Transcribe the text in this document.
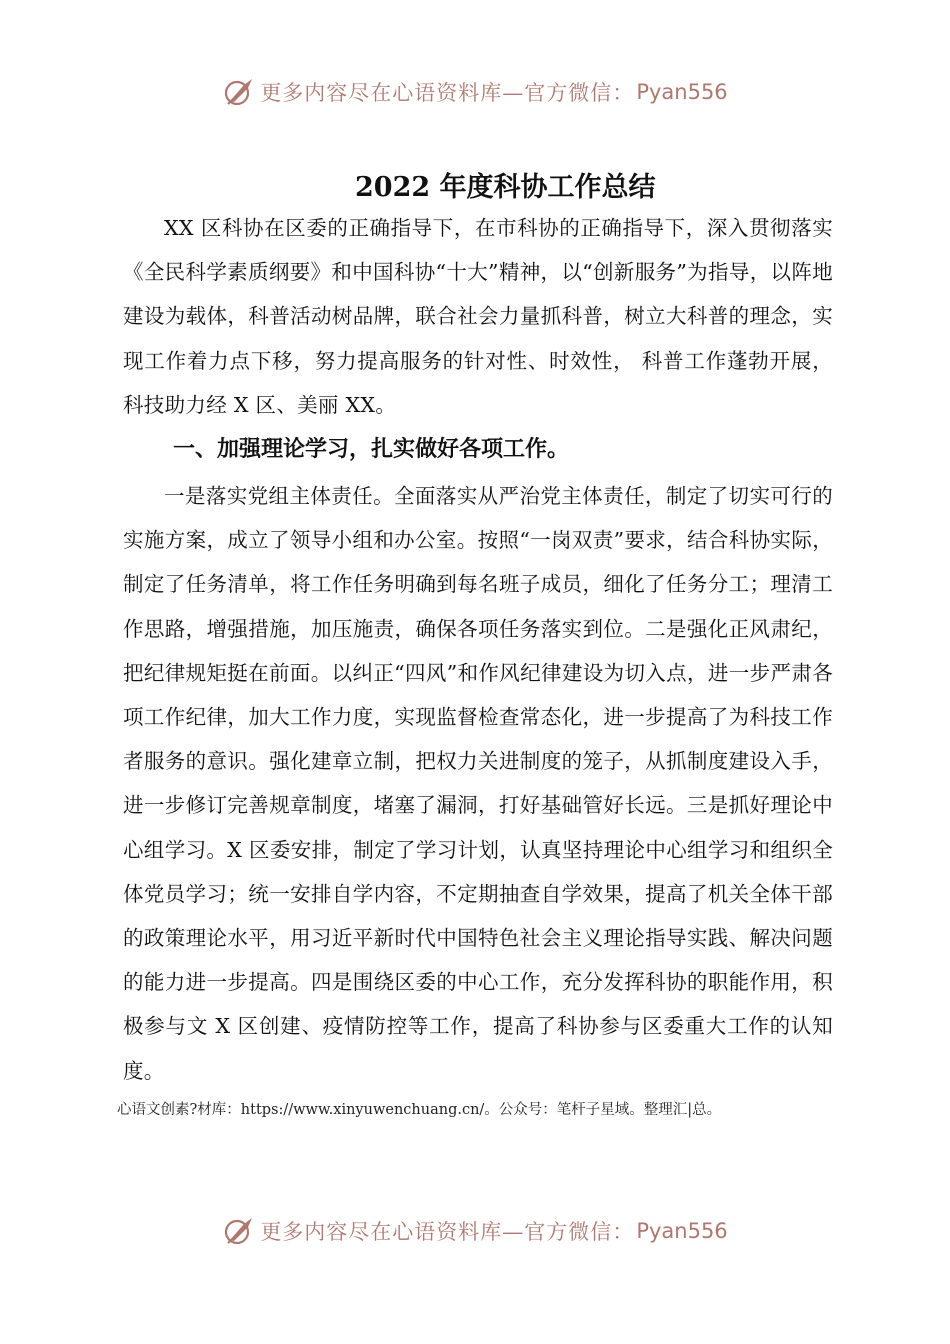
更多内容尽在心语资料库—官方微信： Pyan556
2022 年度科协工作总结

XX 区科协在区委的正确指导下，在市科协的正确指导下，深入贯彻落实《全民科学素质纲要》和中国科协“十大”精神，以“创新服务”为指导，以阵地建设为载体，科普活动树品牌，联合社会力量抓科普，树立大科普的理念，实现工作着力点下移，努力提高服务的针对性、时效性， 科普工作蓬勃开展，科技助力经 X 区、美丽 XX。

一、加强理论学习，扎实做好各项工作。

一是落实党组主体责任。全面落实从严治党主体责任，制定了切实可行的实施方案，成立了领导小组和办公室。按照“一岗双责”要求，结合科协实际，制定了任务清单，将工作任务明确到每名班子成员，细化了任务分工；理清工作思路，增强措施，加压施责，确保各项任务落实到位。二是强化正风肃纪，把纪律规矩挺在前面。以纠正“四风”和作风纪律建设为切入点，进一步严肃各项工作纪律，加大工作力度，实现监督检查常态化，进一步提高了为科技工作者服务的意识。强化建章立制，把权力关进制度的笼子，从抓制度建设入手，进一步修订完善规章制度，堵塞了漏洞，打好基础管好长远。三是抓好理论中心组学习。X 区委安排，制定了学习计划，认真坚持理论中心组学习和组织全体党员学习；统一安排自学内容，不定期抽查自学效果，提高了机关全体干部的政策理论水平，用习近平新时代中国特色社会主义理论指导实践、解决问题的能力进一步提高。四是围绕区委的中心工作，充分发挥科协的职能作用，积极参与文 X 区创建、疫情防控等工作，提高了科协参与区委重大工作的认知度。

心语文创素?材库：https://www.xinyuwenchuang.cn/。公众号：笔杆子星域。整理汇|总。

更多内容尽在心语资料库—官方微信： Pyan556
